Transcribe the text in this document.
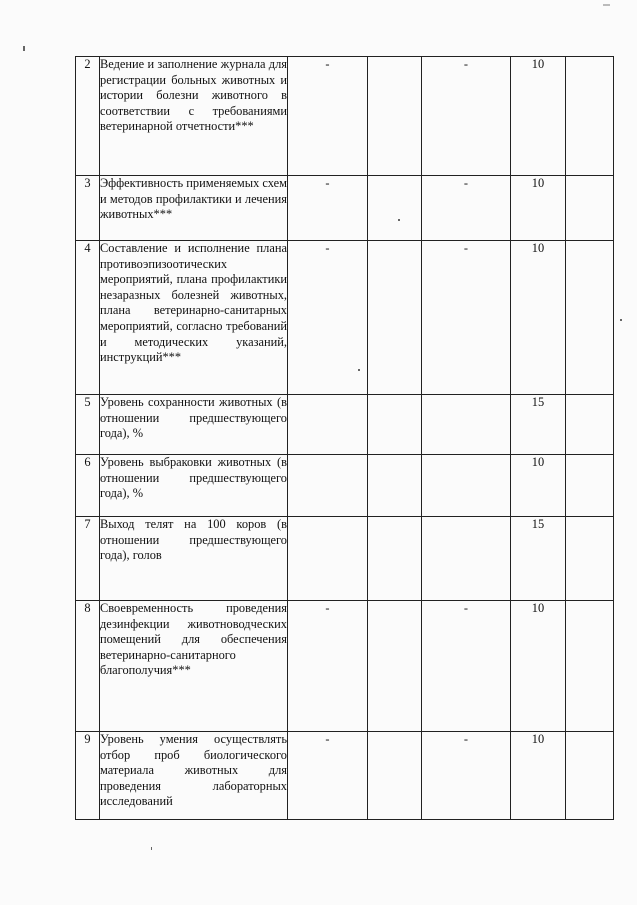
2	Ведение и заполнение журнала для регистрации больных животных и истории болезни животного в соответствии с требованиями ветеринарной отчетности***	-		-	10	
3	Эффективность применяемых схем и методов профилактики и лечения животных***	-		-	10	
4	Составление и исполнение плана противоэпизоотических мероприятий, плана профилактики незаразных болезней животных, плана ветеринарно-санитарных мероприятий, согласно требований и методических указаний, инструкций***	-		-	10	
5	Уровень сохранности животных (в отношении предшествующего года), %				15	
6	Уровень выбраковки животных (в отношении предшествующего года), %				10	
7	Выход телят на 100 коров (в отношении предшествующего года), голов				15	
8	Своевременность проведения дезинфекции животноводческих помещений для обеспечения ветеринарно-санитарного благополучия***	-		-	10	
9	Уровень умения осуществлять отбор проб биологического материала животных для проведения лабораторных исследований	-		-	10	
